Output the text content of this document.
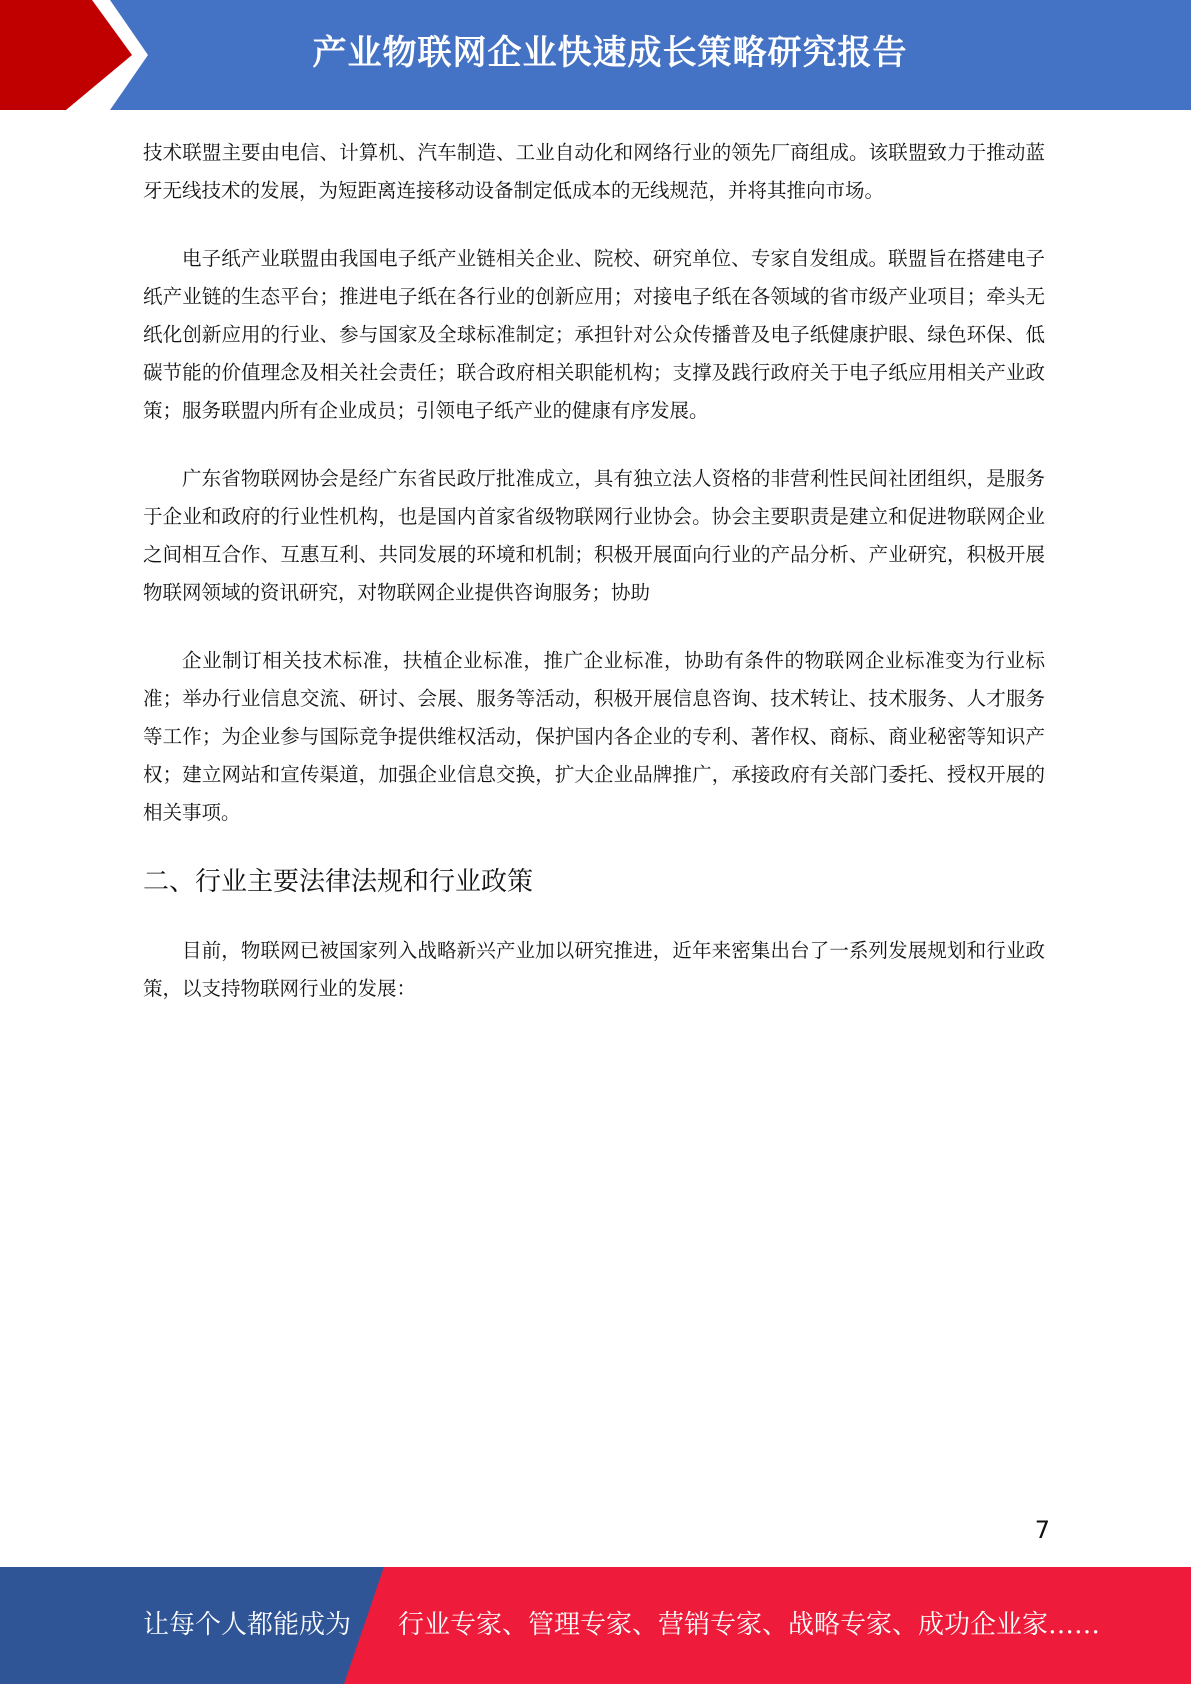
产业物联网企业快速成长策略研究报告

技术联盟主要由电信、计算机、汽车制造、工业自动化和网络行业的领先厂商组成。该联盟致力于推动蓝牙无线技术的发展，为短距离连接移动设备制定低成本的无线规范，并将其推向市场。

电子纸产业联盟由我国电子纸产业链相关企业、院校、研究单位、专家自发组成。联盟旨在搭建电子纸产业链的生态平台；推进电子纸在各行业的创新应用；对接电子纸在各领域的省市级产业项目；牵头无纸化创新应用的行业、参与国家及全球标准制定；承担针对公众传播普及电子纸健康护眼、绿色环保、低碳节能的价值理念及相关社会责任；联合政府相关职能机构；支撑及践行政府关于电子纸应用相关产业政策；服务联盟内所有企业成员；引领电子纸产业的健康有序发展。

广东省物联网协会是经广东省民政厅批准成立，具有独立法人资格的非营利性民间社团组织，是服务于企业和政府的行业性机构，也是国内首家省级物联网行业协会。协会主要职责是建立和促进物联网企业之间相互合作、互惠互利、共同发展的环境和机制；积极开展面向行业的产品分析、产业研究，积极开展物联网领域的资讯研究，对物联网企业提供咨询服务；协助

企业制订相关技术标准，扶植企业标准，推广企业标准，协助有条件的物联网企业标准变为行业标准；举办行业信息交流、研讨、会展、服务等活动，积极开展信息咨询、技术转让、技术服务、人才服务等工作；为企业参与国际竞争提供维权活动，保护国内各企业的专利、著作权、商标、商业秘密等知识产权；建立网站和宣传渠道，加强企业信息交换，扩大企业品牌推广，承接政府有关部门委托、授权开展的相关事项。

二、行业主要法律法规和行业政策

目前，物联网已被国家列入战略新兴产业加以研究推进，近年来密集出台了一系列发展规划和行业政策，以支持物联网行业的发展：

7
让每个人都能成为 行业专家、管理专家、营销专家、战略专家、成功企业家……
